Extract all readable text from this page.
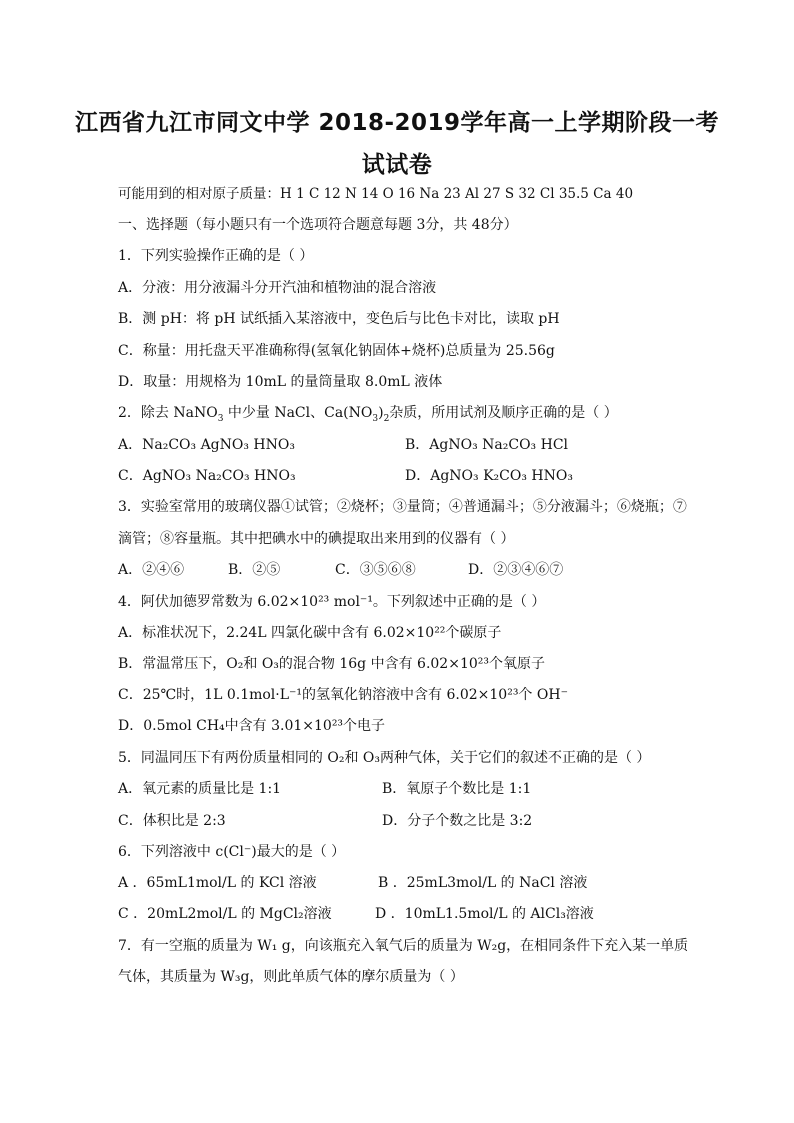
江西省九江市同文中学 2018-2019学年高一上学期阶段一考
试试卷
可能用到的相对原子质量：H 1 C 12 N 14 O 16 Na 23 Al 27 S 32 Cl 35.5 Ca 40
一、选择题（每小题只有一个选项符合题意每题 3分，共 48分）
1．下列实验操作正确的是（ ）
A．分液：用分液漏斗分开汽油和植物油的混合溶液
B．测 pH：将 pH 试纸插入某溶液中，变色后与比色卡对比，读取 pH
C．称量：用托盘天平准确称得(氢氧化钠固体+烧杯)总质量为 25.56g
D．取量：用规格为 10mL 的量筒量取 8.0mL 液体
2．除去 NaNO$_3$ 中少量 NaCl、$Ca(NO_3)_2$杂质，所用试剂及顺序正确的是（ ）
A．Na₂CO₃ AgNO₃ HNO₃	B．AgNO₃ Na₂CO₃ HCl
C．AgNO₃ Na₂CO₃ HNO₃	D．AgNO₃ K₂CO₃ HNO₃
3．实验室常用的玻璃仪器①试管；②烧杯；③量筒；④普通漏斗；⑤分液漏斗；⑥烧瓶；⑦
滴管；⑧容量瓶。其中把碘水中的碘提取出来用到的仪器有（ ）
A．②④⑥	B．②⑤	C．③⑤⑥⑧	D．②③④⑥⑦
4．阿伏加德罗常数为 6.02×10²³ mol⁻¹。下列叙述中正确的是（ ）
A．标准状况下，2.24L 四氯化碳中含有 6.02×10²²个碳原子
B．常温常压下，O₂和 O₃的混合物 16g 中含有 6.02×10²³个氧原子
C．25℃时，1L 0.1mol·L⁻¹的氢氧化钠溶液中含有 6.02×10²³个 OH⁻
D．0.5mol CH₄中含有 3.01×10²³个电子
5．同温同压下有两份质量相同的 O₂和 O₃两种气体，关于它们的叙述不正确的是（ ）
A．氧元素的质量比是 1:1	B．氧原子个数比是 1:1
C．体积比是 2:3	D．分子个数之比是 3:2
6．下列溶液中 c(Cl⁻)最大的是（ ）
A ．65mL1mol/L 的 KCl 溶液	B ．25mL3mol/L 的 NaCl 溶液
C ．20mL2mol/L 的 MgCl₂溶液	D ．10mL1.5mol/L 的 AlCl₃溶液
7．有一空瓶的质量为 W₁ g，向该瓶充入氧气后的质量为 W₂g，在相同条件下充入某一单质
气体，其质量为 W₃g，则此单质气体的摩尔质量为（ ）
